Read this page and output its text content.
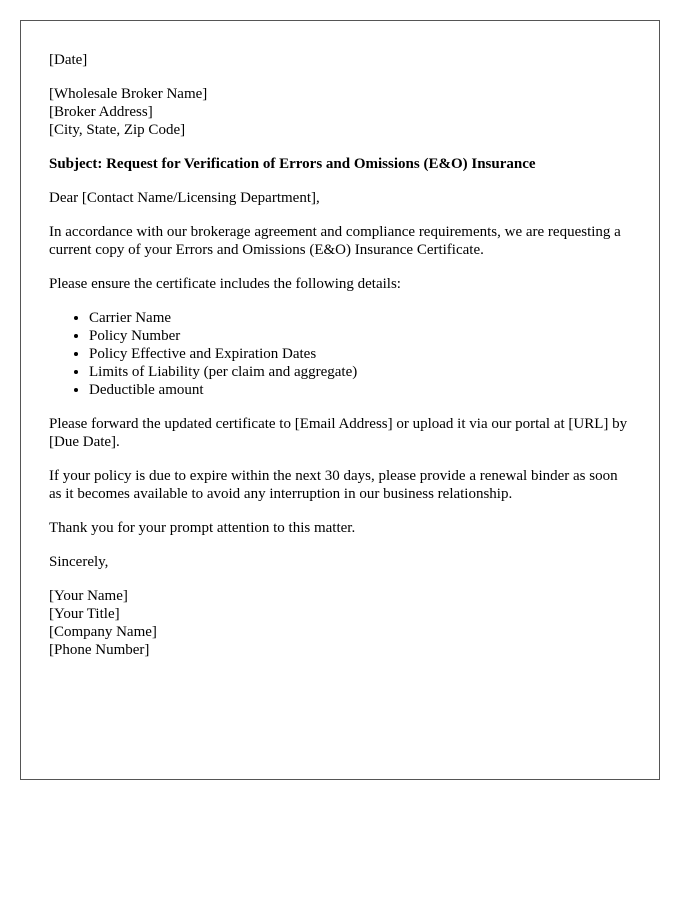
[Date]
[Wholesale Broker Name]
[Broker Address]
[City, State, Zip Code]

Subject: Request for Verification of Errors and Omissions (E&O) Insurance

Dear [Contact Name/Licensing Department],

In accordance with our brokerage agreement and compliance requirements, we are requesting a current copy of your Errors and Omissions (E&O) Insurance Certificate.

Please ensure the certificate includes the following details:

• Carrier Name
• Policy Number
• Policy Effective and Expiration Dates
• Limits of Liability (per claim and aggregate)
• Deductible amount

Please forward the updated certificate to [Email Address] or upload it via our portal at [URL] by [Due Date].

If your policy is due to expire within the next 30 days, please provide a renewal binder as soon as it becomes available to avoid any interruption in our business relationship.

Thank you for your prompt attention to this matter.

Sincerely,

[Your Name]
[Your Title]
[Company Name]
[Phone Number]
